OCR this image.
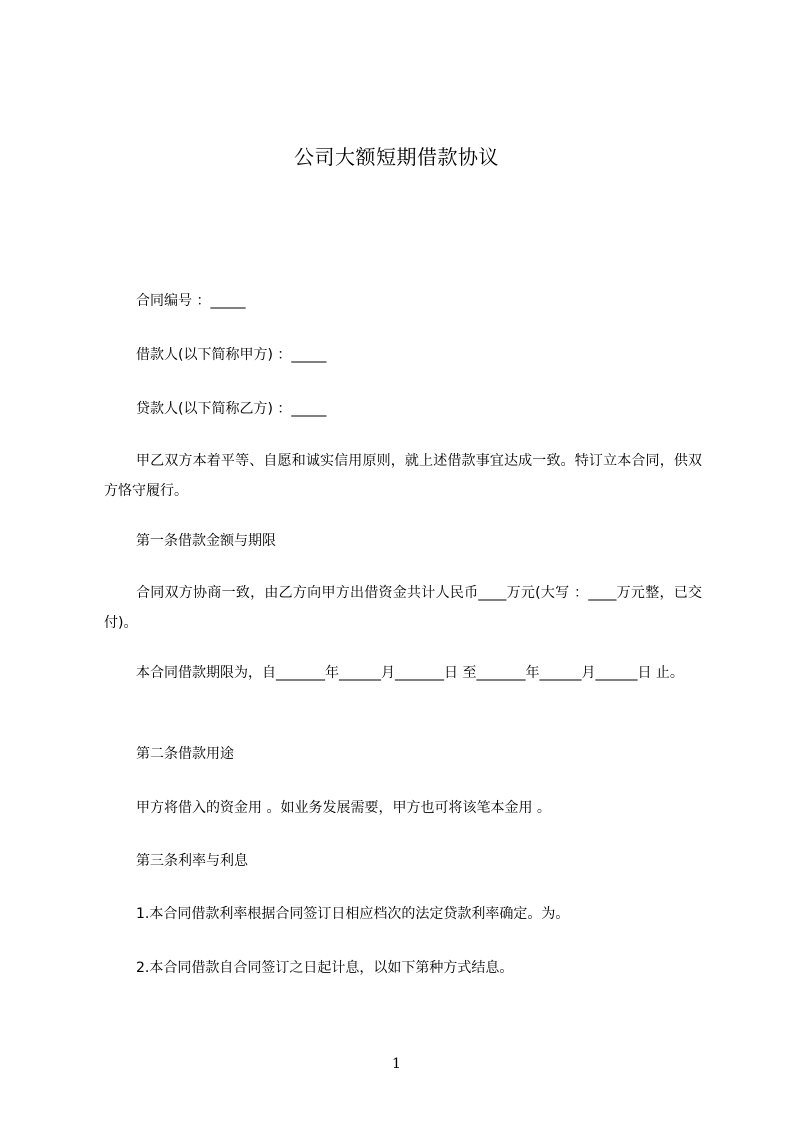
公司大额短期借款协议
合同编号 ：_____
借款人(以下简称甲方) ：_____
贷款人(以下简称乙方) ：_____
甲乙双方本着平等、自愿和诚实信用原则，就上述借款事宜达成一致。特订立本合同，供双方恪守履行。
第一条借款金额与期限
合同双方协商一致，由乙方向甲方出借资金共计人民币____万元(大写 ：____万元整，已交付)。
本合同借款期限为，自_______年______月_______日 至_______年______月______日 止。
第二条借款用途
甲方将借入的资金用 。如业务发展需要，甲方也可将该笔本金用 。
第三条利率与利息
1.本合同借款利率根据合同签订日相应档次的法定贷款利率确定。为。
2.本合同借款自合同签订之日起计息，以如下第种方式结息。
1
